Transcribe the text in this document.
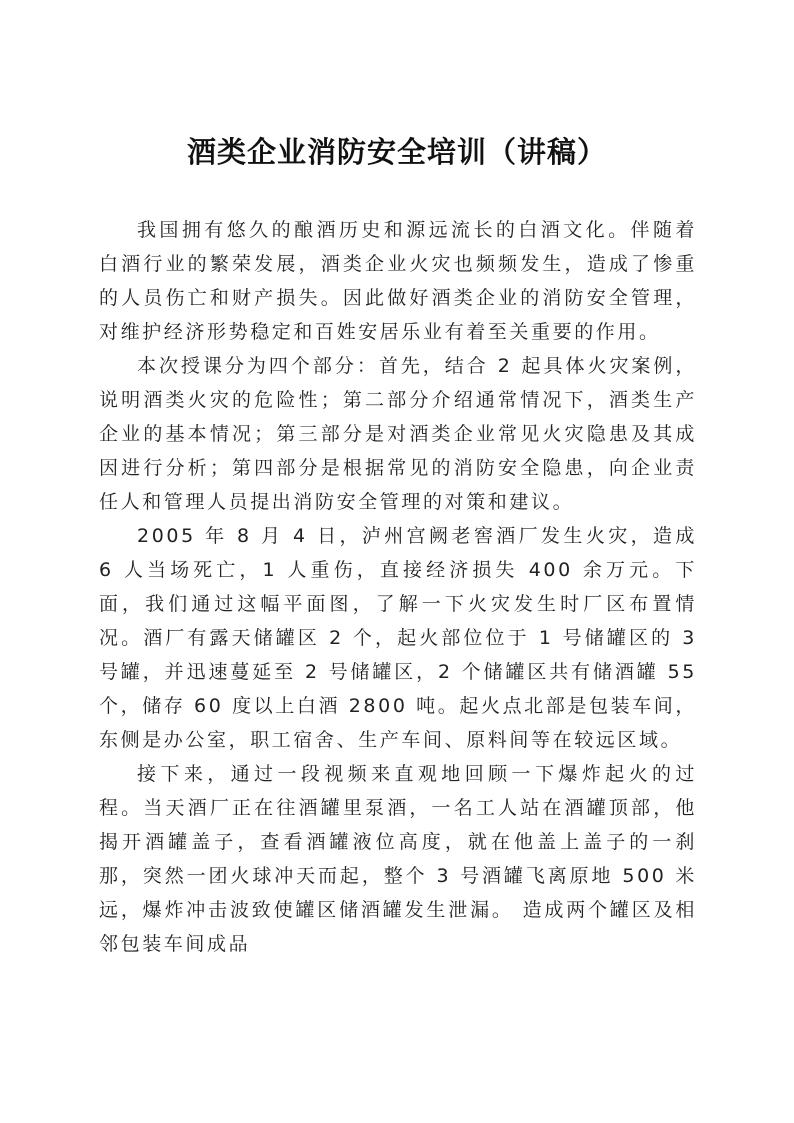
酒类企业消防安全培训（讲稿）

我国拥有悠久的酿酒历史和源远流长的白酒文化。伴随着白酒行业的繁荣发展，酒类企业火灾也频频发生，造成了惨重的人员伤亡和财产损失。因此做好酒类企业的消防安全管理，对维护经济形势稳定和百姓安居乐业有着至关重要的作用。

本次授课分为四个部分：首先，结合 2 起具体火灾案例，说明酒类火灾的危险性；第二部分介绍通常情况下，酒类生产企业的基本情况；第三部分是对酒类企业常见火灾隐患及其成因进行分析；第四部分是根据常见的消防安全隐患，向企业责任人和管理人员提出消防安全管理的对策和建议。

2005 年 8 月 4 日，泸州宫阙老窖酒厂发生火灾，造成 6 人当场死亡，1 人重伤，直接经济损失 400 余万元。下面，我们通过这幅平面图，了解一下火灾发生时厂区布置情况。酒厂有露天储罐区 2 个，起火部位位于 1 号储罐区的 3 号罐，并迅速蔓延至 2 号储罐区，2 个储罐区共有储酒罐 55 个，储存 60 度以上白酒 2800 吨。起火点北部是包装车间，东侧是办公室，职工宿舍、生产车间、原料间等在较远区域。

接下来，通过一段视频来直观地回顾一下爆炸起火的过程。当天酒厂正在往酒罐里泵酒，一名工人站在酒罐顶部，他揭开酒罐盖子，查看酒罐液位高度，就在他盖上盖子的一刹那，突然一团火球冲天而起，整个 3 号酒罐飞离原地 500 米远，爆炸冲击波致使罐区储酒罐发生泄漏。 造成两个罐区及相邻包装车间成品
